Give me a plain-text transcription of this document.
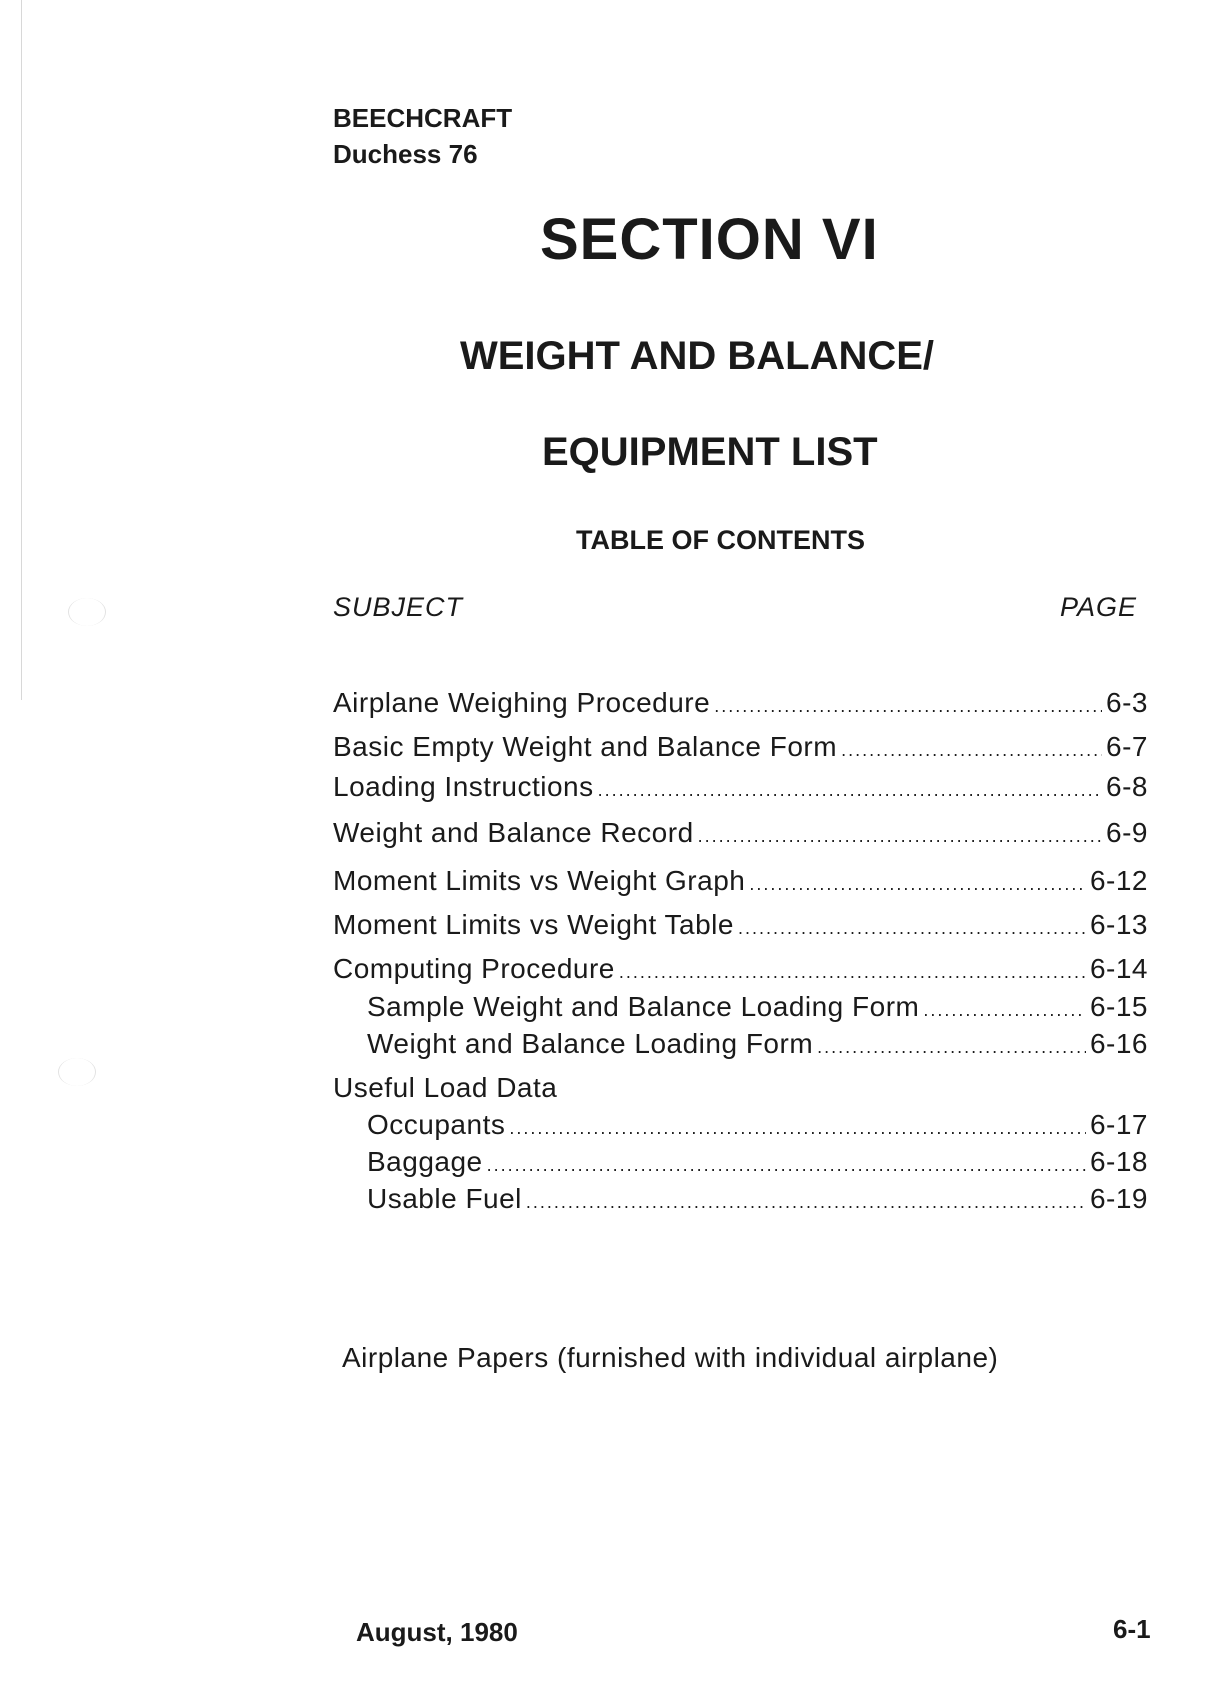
BEECHCRAFT
Duchess 76
SECTION VI
WEIGHT AND BALANCE/
EQUIPMENT LIST
TABLE OF CONTENTS
SUBJECT	PAGE
Airplane Weighing Procedure .....	6-3
Basic Empty Weight and Balance Form .....	6-7
Loading Instructions .....	6-8
Weight and Balance Record .....	6-9
Moment Limits vs Weight Graph .....	6-12
Moment Limits vs Weight Table .....	6-13
Computing Procedure .....	6-14
Sample Weight and Balance Loading Form .....	6-15
Weight and Balance Loading Form .....	6-16
Useful Load Data
Occupants .....	6-17
Baggage .....	6-18
Usable Fuel .....	6-19
Airplane Papers (furnished with individual airplane)
August, 1980	6-1
